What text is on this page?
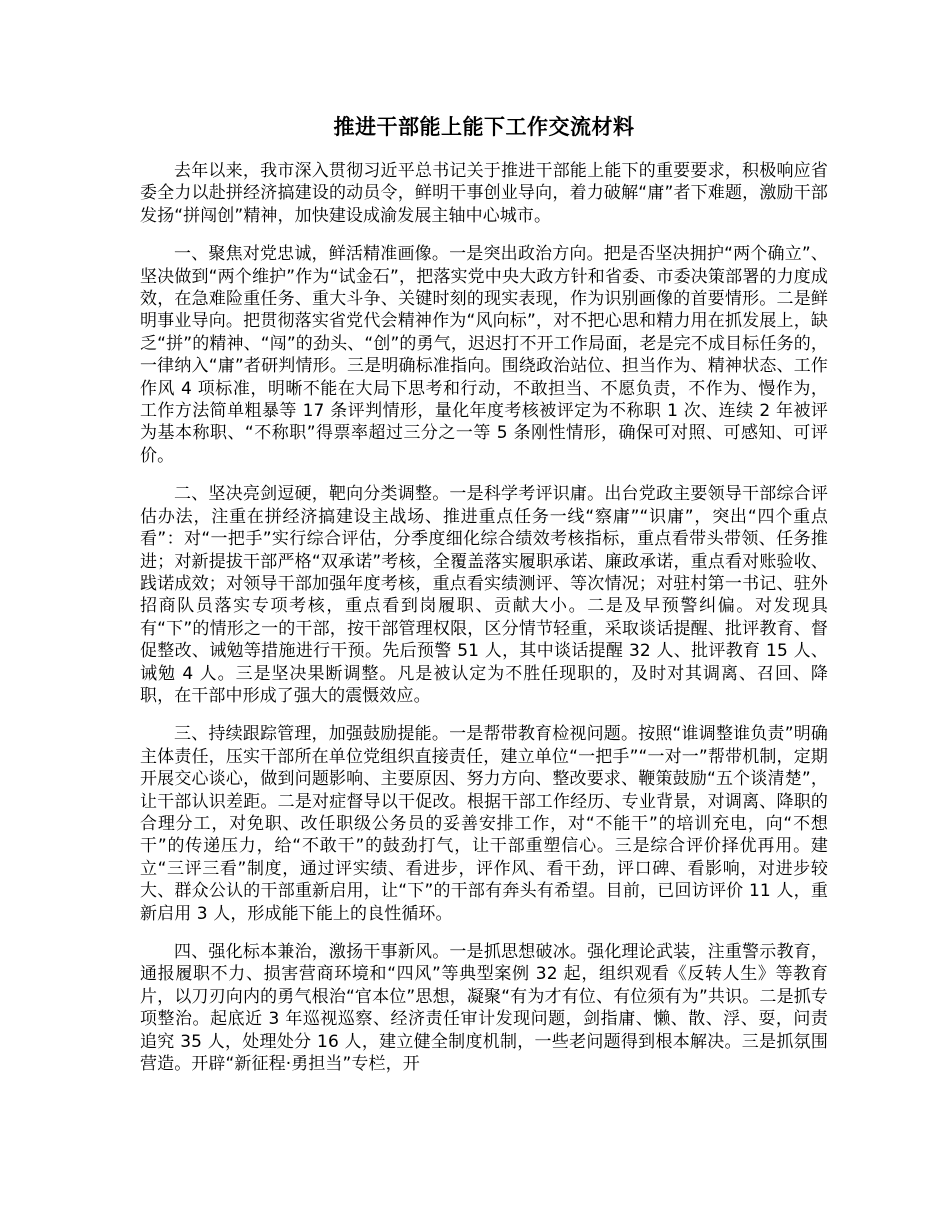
推进干部能上能下工作交流材料

去年以来，我市深入贯彻习近平总书记关于推进干部能上能下的重要要求，积极响应省委全力以赴拼经济搞建设的动员令，鲜明干事创业导向，着力破解“庸”者下难题，激励干部发扬“拼闯创”精神，加快建设成渝发展主轴中心城市。

一、聚焦对党忠诚，鲜活精准画像。一是突出政治方向。把是否坚决拥护“两个确立”、坚决做到“两个维护”作为“试金石”，把落实党中央大政方针和省委、市委决策部署的力度成效，在急难险重任务、重大斗争、关键时刻的现实表现，作为识别画像的首要情形。二是鲜明事业导向。把贯彻落实省党代会精神作为“风向标”，对不把心思和精力用在抓发展上，缺乏“拼”的精神、“闯”的劲头、“创”的勇气，迟迟打不开工作局面，老是完不成目标任务的，一律纳入“庸”者研判情形。三是明确标准指向。围绕政治站位、担当作为、精神状态、工作作风 4 项标准，明晰不能在大局下思考和行动，不敢担当、不愿负责，不作为、慢作为，工作方法简单粗暴等 17 条评判情形，量化年度考核被评定为不称职 1 次、连续 2 年被评为基本称职、“不称职”得票率超过三分之一等 5 条刚性情形，确保可对照、可感知、可评价。

二、坚决亮剑逗硬，靶向分类调整。一是科学考评识庸。出台党政主要领导干部综合评估办法，注重在拼经济搞建设主战场、推进重点任务一线“察庸”“识庸”，突出“四个重点看”：对“一把手”实行综合评估，分季度细化综合绩效考核指标，重点看带头带领、任务推进；对新提拔干部严格“双承诺”考核，全覆盖落实履职承诺、廉政承诺，重点看对账验收、践诺成效；对领导干部加强年度考核，重点看实绩测评、等次情况；对驻村第一书记、驻外招商队员落实专项考核，重点看到岗履职、贡献大小。二是及早预警纠偏。对发现具有“下”的情形之一的干部，按干部管理权限，区分情节轻重，采取谈话提醒、批评教育、督促整改、诫勉等措施进行干预。先后预警 51 人，其中谈话提醒 32 人、批评教育 15 人、诫勉 4 人。三是坚决果断调整。凡是被认定为不胜任现职的，及时对其调离、召回、降职，在干部中形成了强大的震慑效应。

三、持续跟踪管理，加强鼓励提能。一是帮带教育检视问题。按照“谁调整谁负责”明确主体责任，压实干部所在单位党组织直接责任，建立单位“一把手”“一对一”帮带机制，定期开展交心谈心，做到问题影响、主要原因、努力方向、整改要求、鞭策鼓励“五个谈清楚”，让干部认识差距。二是对症督导以干促改。根据干部工作经历、专业背景，对调离、降职的合理分工，对免职、改任职级公务员的妥善安排工作，对“不能干”的培训充电，向“不想干”的传递压力，给“不敢干”的鼓劲打气，让干部重塑信心。三是综合评价择优再用。建立“三评三看”制度，通过评实绩、看进步，评作风、看干劲，评口碑、看影响，对进步较大、群众公认的干部重新启用，让“下”的干部有奔头有希望。目前，已回访评价 11 人，重新启用 3 人，形成能下能上的良性循环。

四、强化标本兼治，激扬干事新风。一是抓思想破冰。强化理论武装，注重警示教育，通报履职不力、损害营商环境和“四风”等典型案例 32 起，组织观看《反转人生》等教育片，以刀刃向内的勇气根治“官本位”思想，凝聚“有为才有位、有位须有为”共识。二是抓专项整治。起底近 3 年巡视巡察、经济责任审计发现问题，剑指庸、懒、散、浮、耍，问责追究 35 人，处理处分 16 人，建立健全制度机制，一些老问题得到根本解决。三是抓氛围营造。开辟“新征程·勇担当”专栏，开
